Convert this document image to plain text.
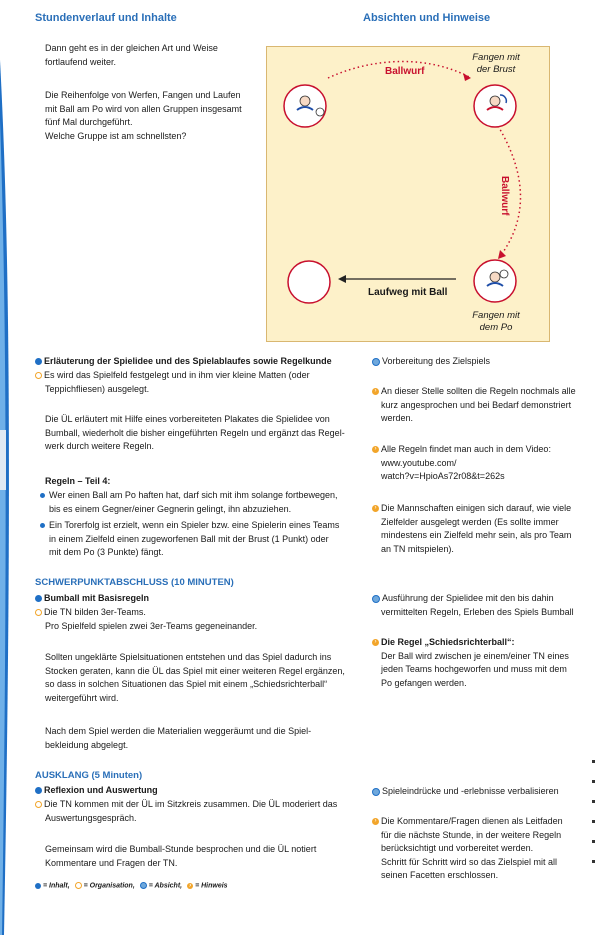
Stundenverlauf und Inhalte	Absichten und Hinweise
Dann geht es in der gleichen Art und Weise
fortlaufend weiter.
Die Reihenfolge von Werfen, Fangen und Laufen
mit Ball am Po wird von allen Gruppen insgesamt
fünf Mal durchgeführt.
Welche Gruppe ist am schnellsten?
Ballwurf
Fangen mit
der Brust
Ballwurf
Laufweg mit Ball
Fangen mit
dem Po
Erläuterung der Spielidee und des Spielablaufes sowie Regelkunde
Es wird das Spielfeld festgelegt und in ihm vier kleine Matten (oder
Teppichfliesen) ausgelegt.
Die ÜL erläutert mit Hilfe eines vorbereiteten Plakates die Spielidee von
Bumball, wiederholt die bisher eingeführten Regeln und ergänzt das Regel-
werk durch weitere Regeln.
Regeln – Teil 4:
Wer einen Ball am Po haften hat, darf sich mit ihm solange fortbewegen,
bis es einem Gegner/einer Gegnerin gelingt, ihn abzuziehen.
Ein Torerfolg ist erzielt, wenn ein Spieler bzw. eine Spielerin eines Teams
in einem Zielfeld einen zugeworfenen Ball mit der Brust (1 Punkt) oder
mit dem Po (3 Punkte) fängt.
Vorbereitung des Zielspiels
› An dieser Stelle sollten die Regeln nochmals alle
kurz angesprochen und bei Bedarf demonstriert
werden.
› Alle Regeln findet man auch in dem Video:
www.youtube.com/
watch?v=HpioAs72r08&t=262s
› Die Mannschaften einigen sich darauf, wie viele
Zielfelder ausgelegt werden (Es sollte immer
mindestens ein Zielfeld mehr sein, als pro Team
an TN mitspielen).
SCHWERPUNKTABSCHLUSS (10 MINUTEN)
Bumball mit Basisregeln
Die TN bilden 3er-Teams.
Pro Spielfeld spielen zwei 3er-Teams gegeneinander.
Sollten ungeklärte Spielsituationen entstehen und das Spiel dadurch ins
Stocken geraten, kann die ÜL das Spiel mit einer weiteren Regel ergänzen,
so dass in solchen Situationen das Spiel mit einem „Schiedsrichterball“
weitergeführt wird.
Nach dem Spiel werden die Materialien weggeräumt und die Spiel-
bekleidung abgelegt.
Ausführung der Spielidee mit den bis dahin
vermittelten Regeln, Erleben des Spiels Bumball
› Die Regel „Schiedsrichterball“:
Der Ball wird zwischen je einem/einer TN eines
jeden Teams hochgeworfen und muss mit dem
Po gefangen werden.
AUSKLANG (5 Minuten)
Reflexion und Auswertung
Die TN kommen mit der ÜL im Sitzkreis zusammen. Die ÜL moderiert das
Auswertungsgespräch.
Gemeinsam wird die Bumball-Stunde besprochen und die ÜL notiert
Kommentare und Fragen der TN.
Spieleindrücke und -erlebnisse verbalisieren
› Die Kommentare/Fragen dienen als Leitfaden
für die nächste Stunde, in der weitere Regeln
berücksichtigt und vorbereitet werden.
Schritt für Schritt wird so das Zielspiel mit all
seinen Facetten erschlossen.
= Inhalt, = Organisation, = Absicht, › = Hinweis
